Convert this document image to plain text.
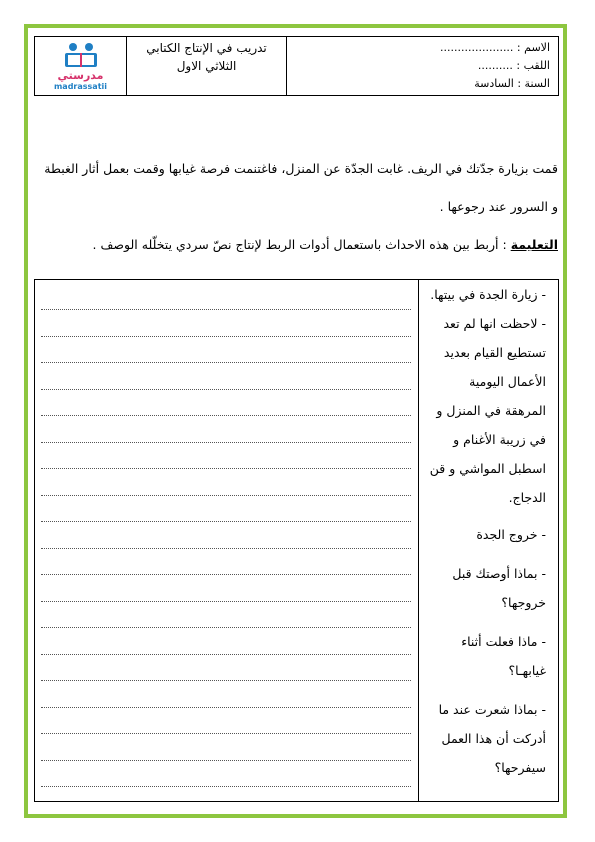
مدرستي
madrassatii
تدريب في الإنتاج الكتابي
الثلاثي الاول
الاسم : .....................
اللقب : ..........
السنة : السادسة
قمت بزيارة جدّتك في الريف. غابت الجدّة عن المنزل، فاغتنمت فرصة غيابها وقمت بعمل أثار الغبطة و السرور عند رجوعها .
التعليمة : أربط بين هذه الاحداث باستعمال أدوات الربط لإنتاج نصّ سردي يتخلّله الوصف .
- زيارة الجدة في بيتها.
- لاحظت انها لم تعد تستطيع القيام بعديد الأعمال اليومية المرهقة في المنزل و في زريبة الأغنام و اسطبل المواشي و قن الدجاج.
- خروج الجدة
- بماذا أوصتك قبل خروجها؟
- ماذا فعلت أثناء غيابهـا؟
- بماذا شعرت عند ما أدركت أن هذا العمل سيفرحها؟
